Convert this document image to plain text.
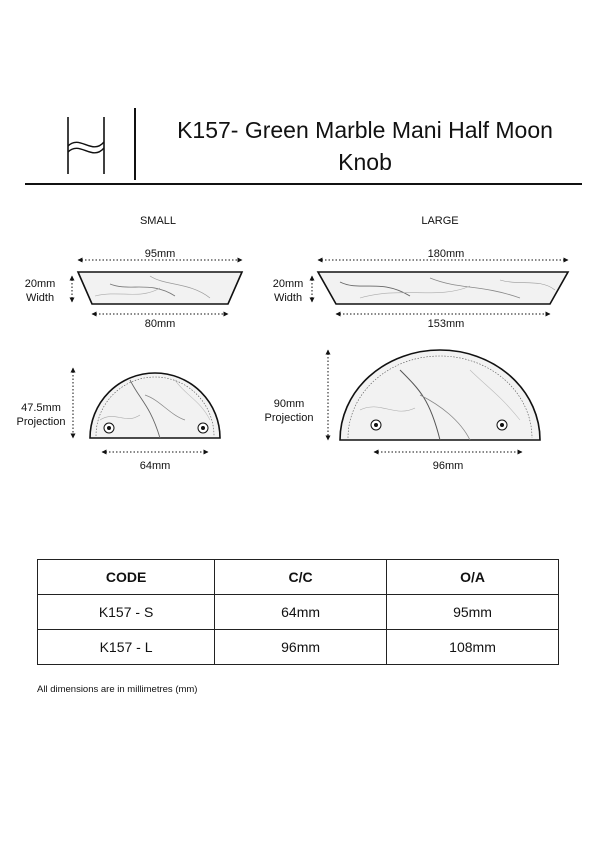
K157- Green Marble Mani Half Moon
Knob
SMALL	LARGE
95mm
80mm
180mm
153mm
20mm
Width
20mm
Width
47.5mm
Projection
90mm
Projection
64mm	96mm
CODE	C/C	O/A
K157 - S	64mm	95mm
K157 - L	96mm	108mm
All dimensions are in millimetres (mm)
